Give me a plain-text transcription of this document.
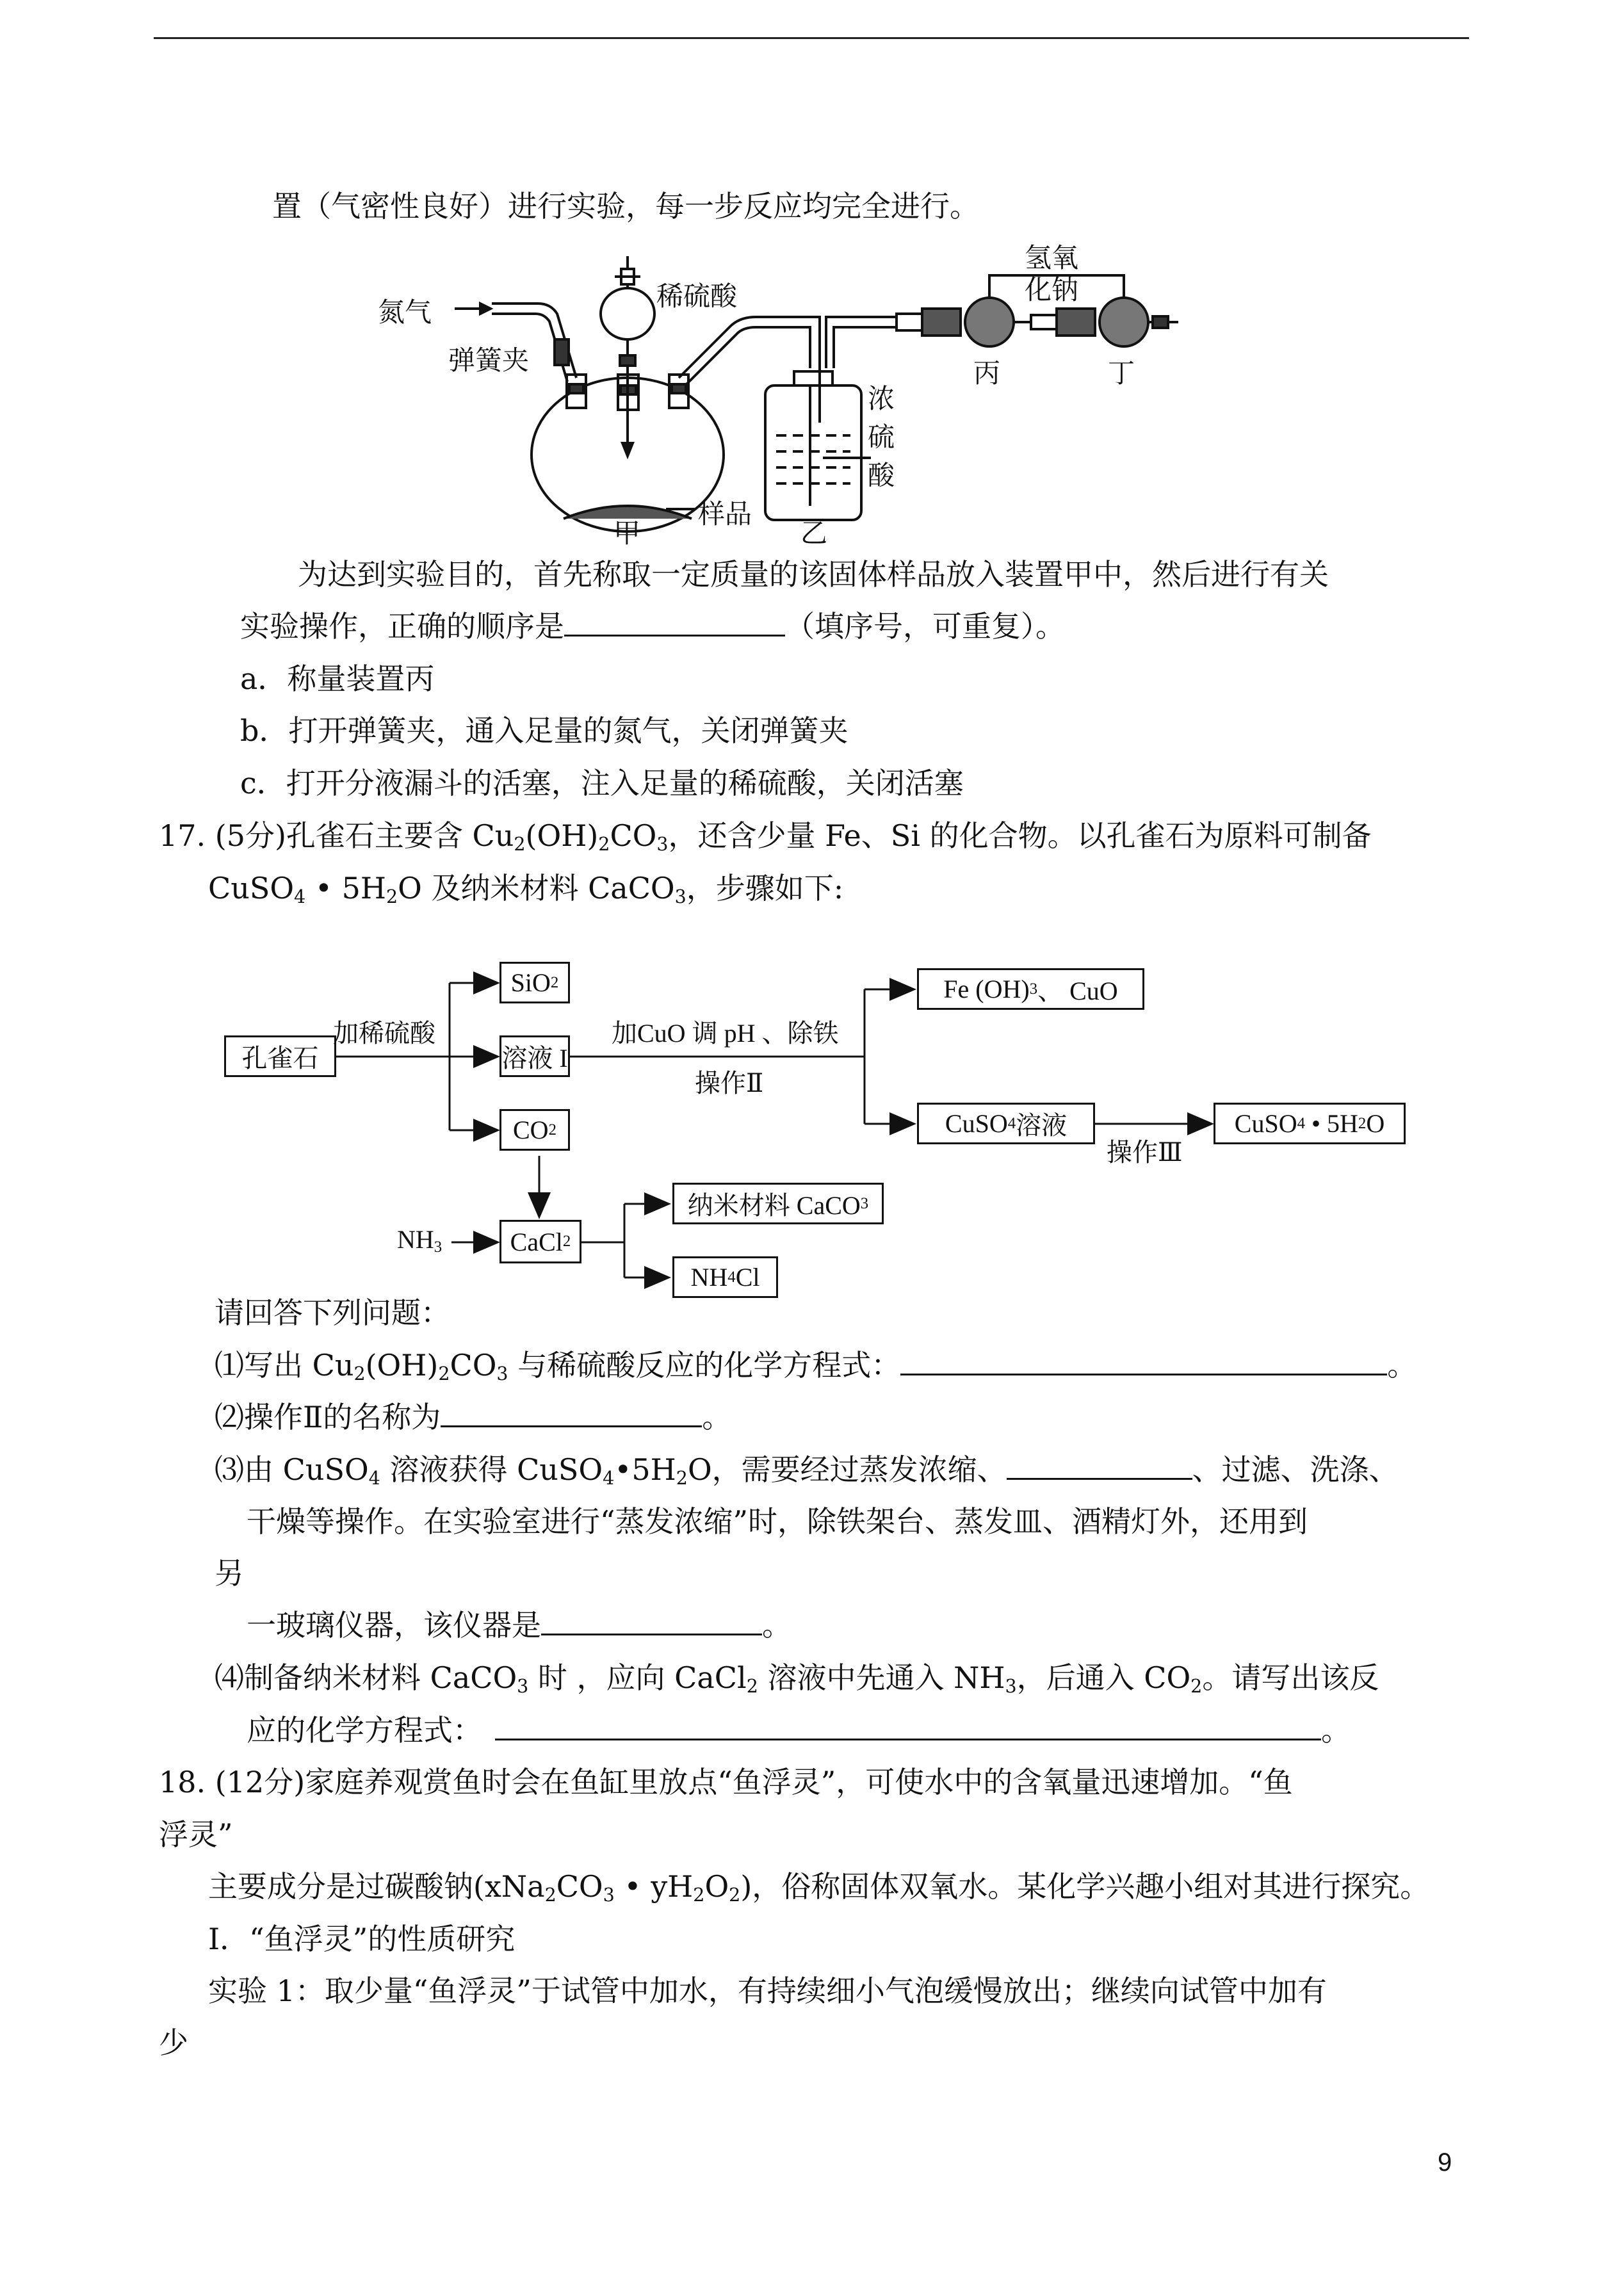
置（气密性良好）进行实验，每一步反应均完全进行。
氮气
稀硫酸
弹簧夹
样品
甲	乙
浓
硫
酸
氢氧
化钠
丙	丁
为达到实验目的，首先称取一定质量的该固体样品放入装置甲中，然后进行有关
实验操作，正确的顺序是	（填序号，可重复）。
a．称量装置丙
b．打开弹簧夹，通入足量的氮气，关闭弹簧夹
c．打开分液漏斗的活塞，注入足量的稀硫酸，关闭活塞
17. (5分)孔雀石主要含 $Cu_2(OH)_2CO_3$，还含少量 Fe、Si 的化合物。以孔雀石为原料可制备
CuSO$_4$ • $5H_2O$ 及纳米材料 CaCO$_3$，步骤如下:
孔雀石
加稀硫酸
SiO 2
溶液 I
CO 2
加CuO 调 pH 、除铁
操作Ⅱ
Fe (OH) 3 、 CuO
CuSO 4 溶液
操作Ⅲ
CuSO 4 • 5H 2 O
$NH_3$	CaCl 2
纳米材料 CaCO 3
NH 4 Cl
请回答下列问题：
⑴写出 $Cu_2(OH)_2CO_3$ 与稀硫酸反应的化学方程式：	。
⑵操作Ⅱ的名称为	。
⑶由 CuSO$_4$ 溶液获得 $CuSO_4•5H_2O$，需要经过蒸发浓缩、	、过滤、洗涤、
干燥等操作。在实验室进行“蒸发浓缩”时，除铁架台、蒸发皿、酒精灯外，还用到
另
一玻璃仪器，该仪器是	。
⑷制备纳米材料 CaCO$_3$ 时 ，应向 CaCl$_2$ 溶液中先通入 $NH_3$，后通入 $CO_2$。请写出该反
应的化学方程式：	。
18. (12分)家庭养观赏鱼时会在鱼缸里放点“鱼浮灵”，可使水中的含氧量迅速增加。“鱼
浮灵”
主要成分是过碳酸钠($xNa_2CO_3$ • $yH_2O_2$)，俗称固体双氧水。某化学兴趣小组对其进行探究。
Ⅰ．“鱼浮灵”的性质研究
实验 1：取少量“鱼浮灵”于试管中加水，有持续细小气泡缓慢放出；继续向试管中加有
少
9
